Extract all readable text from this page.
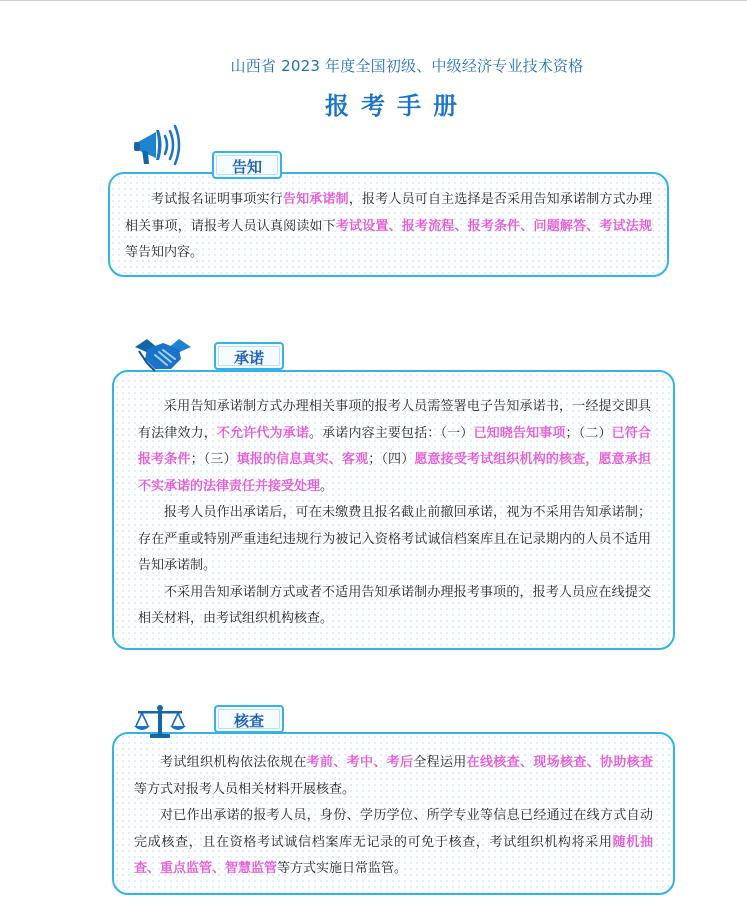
山西省 2023 年度全国初级、中级经济专业技术资格
报考手册

考试报名证明事项实行告知承诺制，报考人员可自主选择是否采用告知承诺制方式办理相关事项，请报考人员认真阅读如下考试设置、报考流程、报考条件、问题解答、考试法规等告知内容。

告知

采用告知承诺制方式办理相关事项的报考人员需签署电子告知承诺书，一经提交即具有法律效力，不允许代为承诺。承诺内容主要包括：（一）已知晓告知事项；（二）已符合报考条件；（三）填报的信息真实、客观；（四）愿意接受考试组织机构的核查，愿意承担不实承诺的法律责任并接受处理。

报考人员作出承诺后，可在未缴费且报名截止前撤回承诺，视为不采用告知承诺制；存在严重或特别严重违纪违规行为被记入资格考试诚信档案库且在记录期内的人员不适用告知承诺制。

不采用告知承诺制方式或者不适用告知承诺制办理报考事项的，报考人员应在线提交相关材料，由考试组织机构核查。

承诺

考试组织机构依法依规在考前、考中、考后全程运用在线核查、现场核查、协助核查等方式对报考人员相关材料开展核查。

对已作出承诺的报考人员，身份、学历学位、所学专业等信息已经通过在线方式自动完成核查，且在资格考试诚信档案库无记录的可免于核查，考试组织机构将采用随机抽查、重点监管、智慧监管等方式实施日常监管。

核查
